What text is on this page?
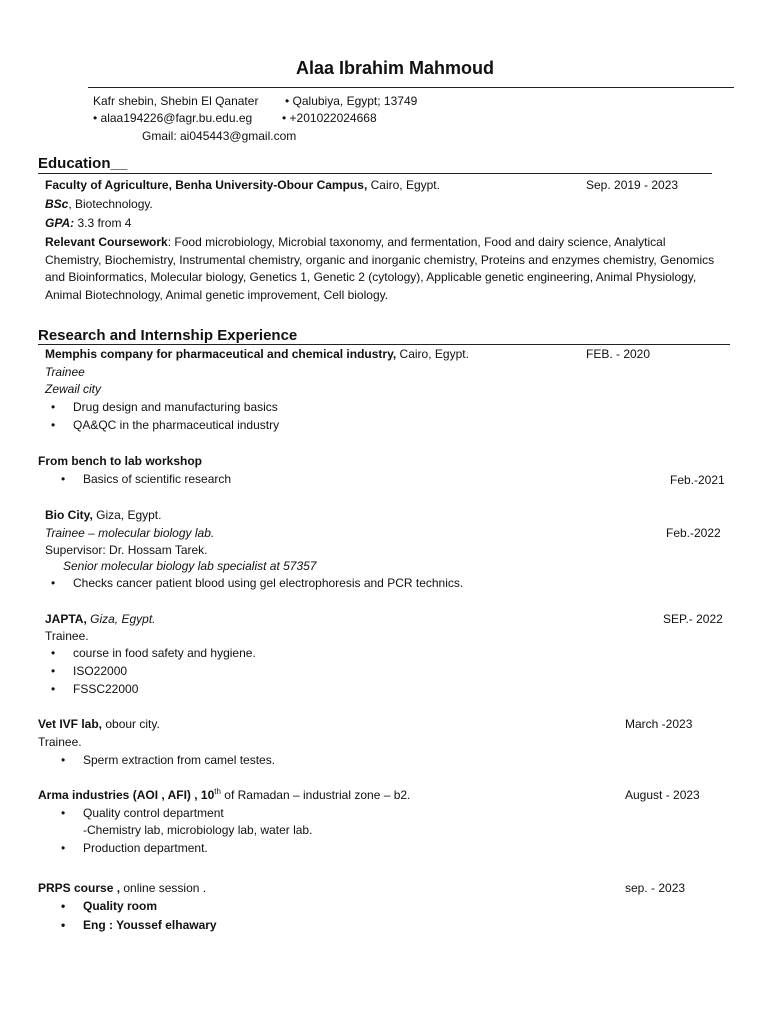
Alaa Ibrahim Mahmoud
Kafr shebin, Shebin El Qanater • Qalubiya, Egypt; 13749
• alaa194226@fagr.bu.edu.eg • +201022024668
Gmail: ai045443@gmail.com
Education__
Faculty of Agriculture, Benha University-Obour Campus, Cairo, Egypt.	Sep. 2019 - 2023
BSc, Biotechnology.
GPA: 3.3 from 4
Relevant Coursework: Food microbiology, Microbial taxonomy, and fermentation, Food and dairy science, Analytical Chemistry, Biochemistry, Instrumental chemistry, organic and inorganic chemistry, Proteins and enzymes chemistry, Genomics and Bioinformatics, Molecular biology, Genetics 1, Genetic 2 (cytology), Applicable genetic engineering, Animal Physiology, Animal Biotechnology, Animal genetic improvement, Cell biology.
Research and Internship Experience
Memphis company for pharmaceutical and chemical industry, Cairo, Egypt.	FEB. - 2020
Trainee
Zewail city
• Drug design and manufacturing basics
• QA&QC in the pharmaceutical industry
From bench to lab workshop
• Basics of scientific research	Feb.-2021
Bio City, Giza, Egypt.
Trainee – molecular biology lab.	Feb.-2022
Supervisor: Dr. Hossam Tarek.
Senior molecular biology lab specialist at 57357
• Checks cancer patient blood using gel electrophoresis and PCR technics.
JAPTA, Giza, Egypt.	SEP.- 2022
Trainee.
• course in food safety and hygiene.
• ISO22000
• FSSC22000
Vet IVF lab, obour city.	March -2023
Trainee.
• Sperm extraction from camel testes.
Arma industries (AOI , AFI) , 10th of Ramadan – industrial zone – b2.	August - 2023
• Quality control department
-Chemistry lab, microbiology lab, water lab.
• Production department.
PRPS course , online session .	sep. - 2023
• Quality room
• Eng : Youssef elhawary
